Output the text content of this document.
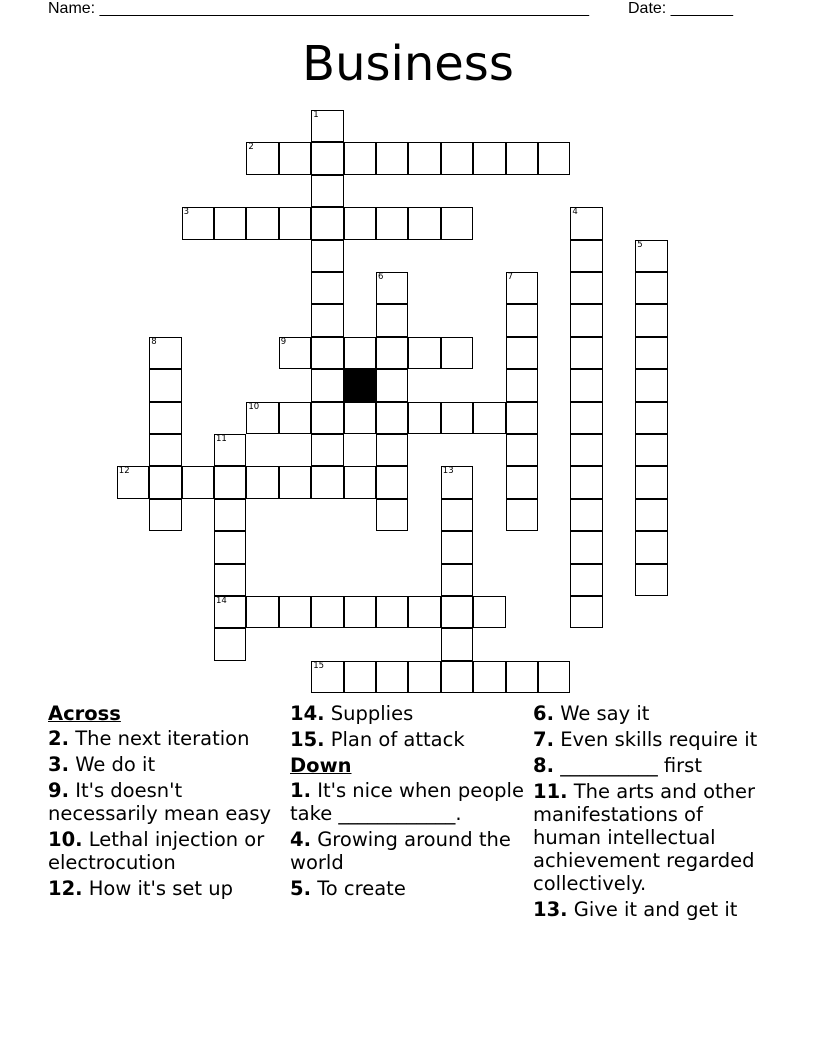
Name: _______________________________________________________ Date: _______
Business
2
3
9
10
12
14
15
1
4
5
6	7
8
11
13
Across
2. The next iteration
3. We do it
9. It's doesn't necessarily mean easy
10. Lethal injection or electrocution
12. How it's set up
14. Supplies
15. Plan of attack
Down
1. It's nice when people take ____________.
4. Growing around the world
5. To create
6. We say it
7. Even skills require it
8. __________ first
11. The arts and other manifestations of human intellectual achievement regarded collectively.
13. Give it and get it
